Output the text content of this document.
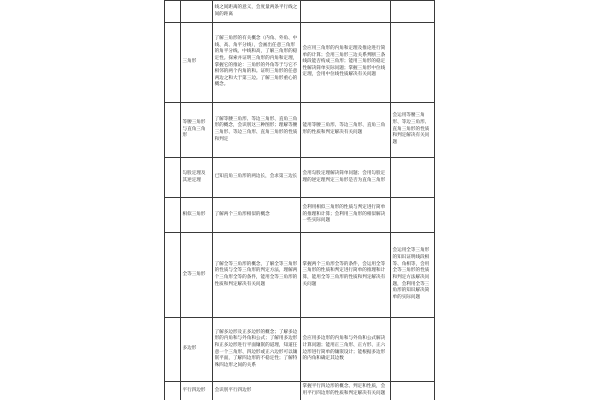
		线之间距离的意义，会度量两条平行线之间的距离		
	三角形	了解三角形的有关概念（内角、外角、中线、高、角平分线），会画出任意三角形的角平分线、中线和高，了解三角形的稳定性。探索并证明三角形的内角和定理，掌握它的推论：三角形的外角等于与它不相邻的两个内角的和。证明三角形的任意两边之和大于第三边。了解三角形重心的概念。	会应用三角形的内角和定理及推论进行简单的计算；会用三角形三边关系判断三条线段能否构成三角形；能用三角形的稳定性解决简单实际问题；掌握三角形中位线定理，会用中位线性质解决有关问题	
	等腰三角形与直角三角形	了解等腰三角形、等边三角形、直角三角形的概念，会识别这三种图形；理解等腰三角形、等边三角形、直角三角形的性质和判定	能用等腰三角形、等边三角形、直角三角形的性质和判定解决有关问题	会运用等腰三角形、等边三角形、直角三角形的性质和判定解决有关问题
	勾股定理及其逆定理	已知直角三角形的两边长，会求第三边长	会用勾股定理解决简单问题；会用勾股定理的逆定理判定三角形是否为直角三角形	
	相似三角形	了解两个三角形相似的概念	会利用相似三角形的性质与判定进行简单的推理和计算；会利用三角形的相似解决一些实际问题	
	全等三角形	了解全等三角形的概念，了解全等三角形的性质与全等三角形的判定方法，理解两个三角形全等的条件，能用全等三角形的性质和判定解决有关问题	掌握两个三角形全等的条件，会运用全等三角形的性质和判定进行简单的推理和计算，能用全等三角形的性质和判定解决有关问题	会运用全等三角形的知识证明线段相等、角相等，会用全等三角形的性质和判定方法解决问题，会利用全等三角形的知识解决简单的实际问题
	多边形	了解多边形及正多边形的概念；了解多边形的内角和与外角和公式；了解用多边形和正多边形进行平面镶嵌的道理，知道任意一个三角形、四边形或正六边形可以镶嵌平面，了解四边形的不稳定性；了解特殊四边形之间的关系	会应用多边形的内角和与外角和公式解决计算问题；能用正三角形、正方形、正六边形进行简单的镶嵌设计；能根据多边形的内角和确定其边数	
	平行四边形	会识别平行四边形	掌握平行四边形的概念、判定和性质，会用平行四边形的性质和判定解决有关问题	
